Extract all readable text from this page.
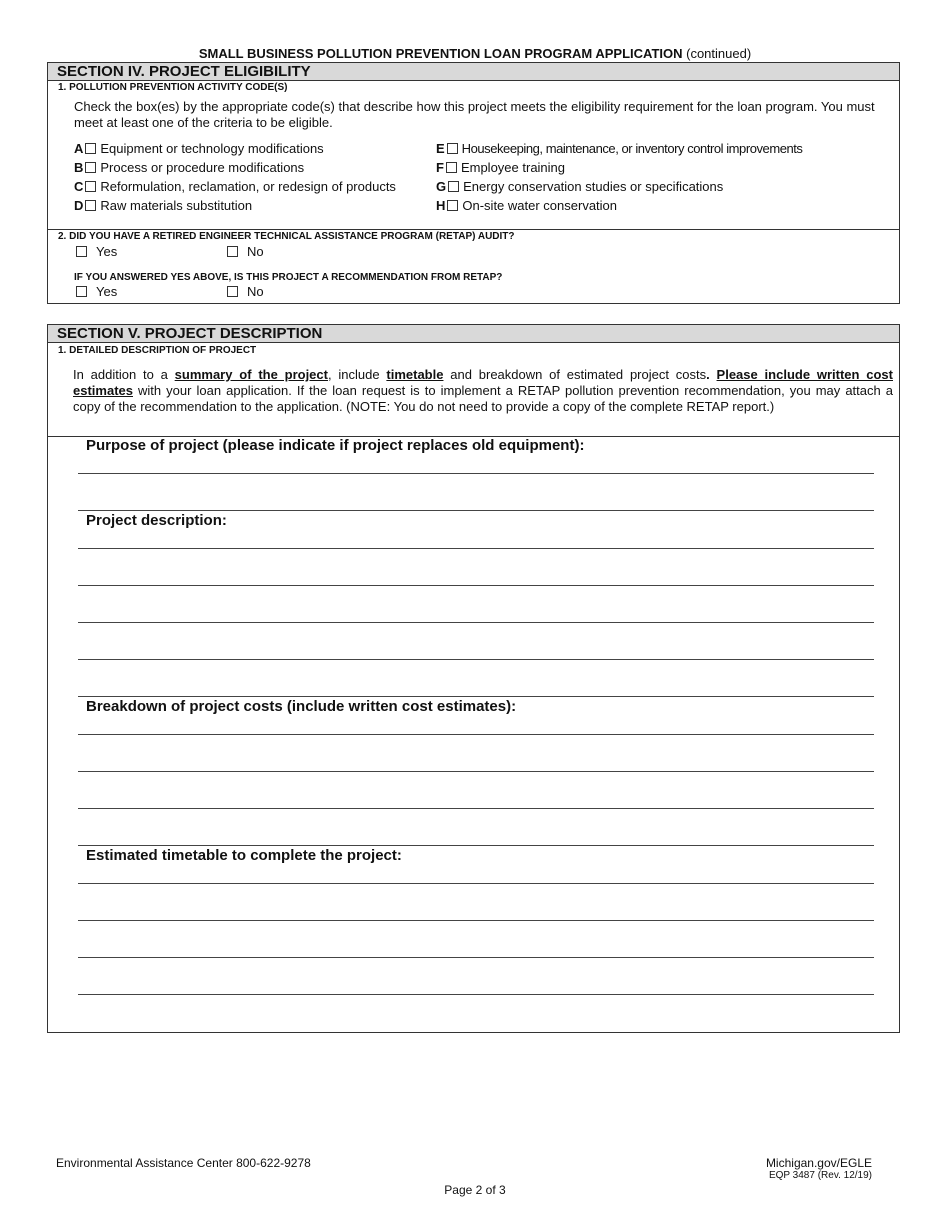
SMALL BUSINESS POLLUTION PREVENTION LOAN PROGRAM APPLICATION (continued)
SECTION IV. PROJECT ELIGIBILITY
1. POLLUTION PREVENTION ACTIVITY CODE(S)
Check the box(es) by the appropriate code(s) that describe how this project meets the eligibility requirement for the loan program. You must meet at least one of the criteria to be eligible.
A Equipment or technology modifications
B Process or procedure modifications
C Reformulation, reclamation, or redesign of products
D Raw materials substitution
E Housekeeping, maintenance, or inventory control improvements
F Employee training
G Energy conservation studies or specifications
H On-site water conservation
2. DID YOU HAVE A RETIRED ENGINEER TECHNICAL ASSISTANCE PROGRAM (RETAP) AUDIT?
Yes	No
IF YOU ANSWERED YES ABOVE, IS THIS PROJECT A RECOMMENDATION FROM RETAP?
Yes	No
SECTION V. PROJECT DESCRIPTION
1. DETAILED DESCRIPTION OF PROJECT
In addition to a summary of the project, include timetable and breakdown of estimated project costs. Please include written cost estimates with your loan application. If the loan request is to implement a RETAP pollution prevention recommendation, you may attach a copy of the recommendation to the application. (NOTE: You do not need to provide a copy of the complete RETAP report.)
Purpose of project (please indicate if project replaces old equipment):
Project description:
Breakdown of project costs (include written cost estimates):
Estimated timetable to complete the project:
Environmental Assistance Center 800-622-9278	Michigan.gov/EGLE
EQP 3487 (Rev. 12/19)
Page 2 of 3
